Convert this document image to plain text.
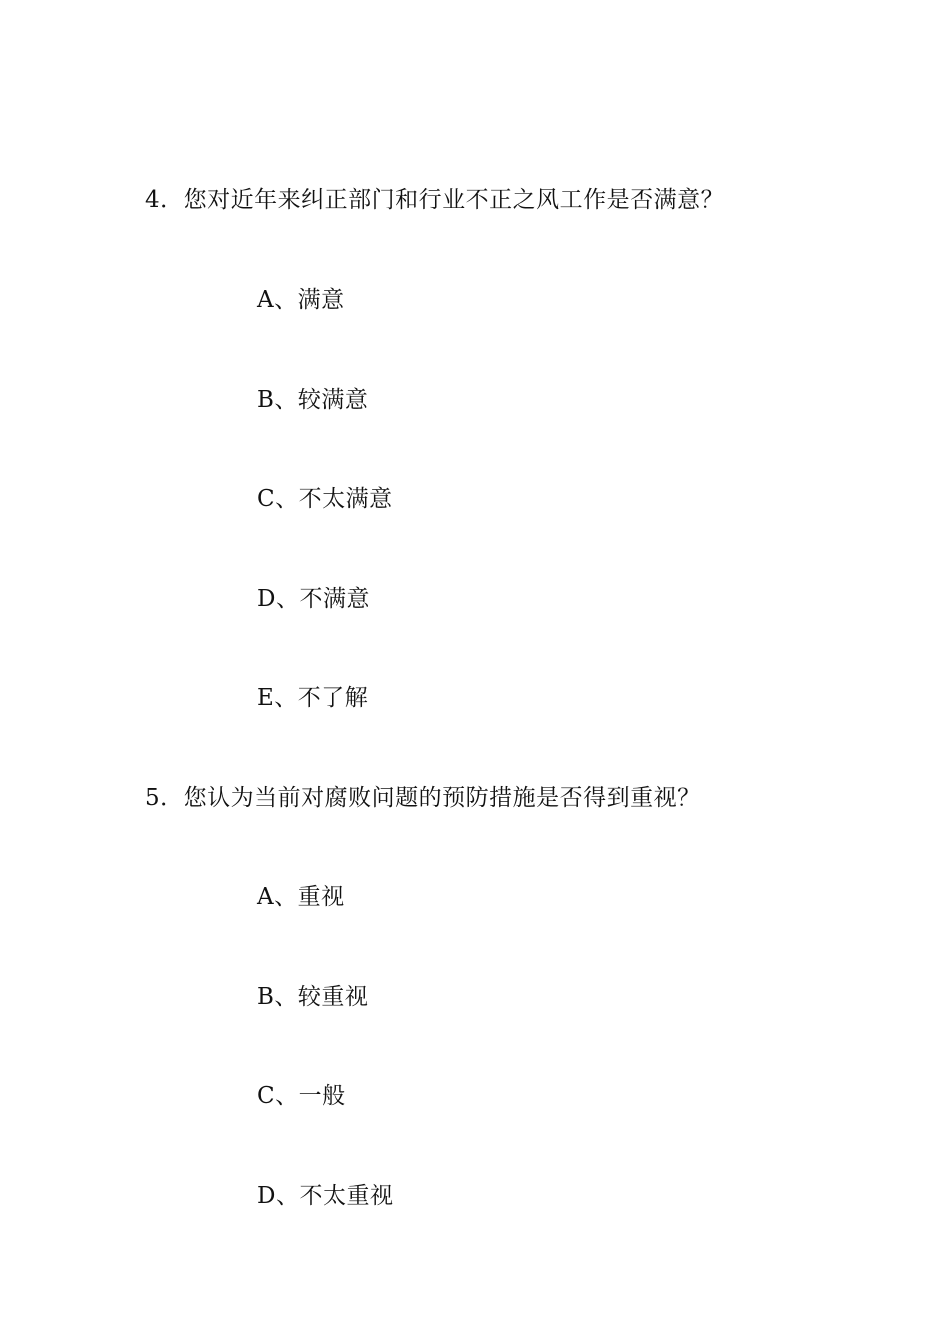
4．您对近年来纠正部门和行业不正之风工作是否满意？
A、满意
B、较满意
C、不太满意
D、不满意
E、不了解
5．您认为当前对腐败问题的预防措施是否得到重视？
A、重视
B、较重视
C、一般
D、不太重视
